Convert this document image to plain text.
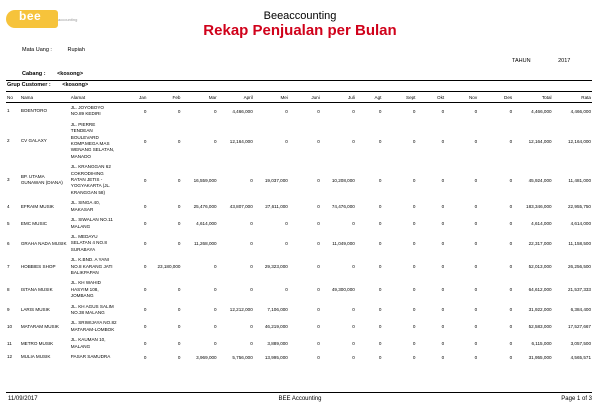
bee	accounting	Beeaccounting
Rekap Penjualan per Bulan
Mata Uang :	Rupiah
TAHUN	2017
Cabang : <kosong>
Grup Customer : <kosong>
No	Nama	Alamat	Jan	Feb	Mar	April	Mei	Juni	Juli	Agt	Sept	Okt	Nov	Des	Total	Rata
1	BOENTORO	JL. JOYOBOYO NO.89 KEDIRI	0	0	0	4,466,000	0	0	0	0	0	0	0	0	4,466,000	4,466,000
2	CV GALAXY	JL. PIERRE TENDEAN BOULEVARD KOMP.MEGA MAS WENANG SELATAN, MANADO	0	0	0	12,164,000	0	0	0	0	0	0	0	0	12,164,000	12,164,000
3	BP. UTAMA GUNAWAN (DIANA)	JL. KRANGGAN 62 COKRODIHING RATAN JETIS - YOGYAKARTA (JL. KRANGGAN 58)	0	0	16,559,000	0	19,037,000	0	10,208,000	0	0	0	0	0	45,924,000	11,481,000
4	EFRAIM MUSIK	JL. SINGA 40, MAKASAR	0	0	25,476,000	43,807,000	27,611,000	0	74,476,000	0	0	0	0	0	183,346,000	22,955,750
5	EMC MUSIC	JL. SIWALAN NO.11 MALANG	0	0	4,614,000	0	0	0	0	0	0	0	0	0	4,614,000	4,614,000
6	GRAHA NADA MUSIK	JL. MEDAYU SELATAN 4 NO.8 SURABAYA	0	0	11,268,000	0	0	0	11,049,000	0	0	0	0	0	22,317,000	11,158,500
7	HOBBIES SHOP	JL. K.BND. A YANI NO.8 KARANG JATI BALIKPAPAN	0	23,180,000	0	0	29,323,000	0	0	0	0	0	0	0	52,013,000	26,256,500
8	ISTANA MUSIK	JL. KH WAHID HASYIM 108, JOMBANG	0	0	0	0	0	0	49,300,000	0	0	0	0	0	64,612,000	21,537,333
9	LARIS MUSIK	JL. KH AGUS SALIM NO.38 MALANG	0	0	0	12,212,000	7,106,000	0	0	0	0	0	0	0	31,922,000	6,384,400
10	MATARAM MUSIK	JL. SRIWIJAYA NO.82 MATARAM-LOMBOK	0	0	0	0	46,219,000	0	0	0	0	0	0	0	52,583,000	17,527,667
11	METRO MUSIK	JL. KAUMAN 10, MALANG	0	0	0	0	3,889,000	0	0	0	0	0	0	0	6,115,000	3,057,500
12	MULIA MUSIK	PASAR SAMUDRA	0	0	3,969,000	5,756,000	13,995,000	0	0	0	0	0	0	0	31,955,000	4,565,571
11/09/2017	BEE Accounting	Page 1 of 3
